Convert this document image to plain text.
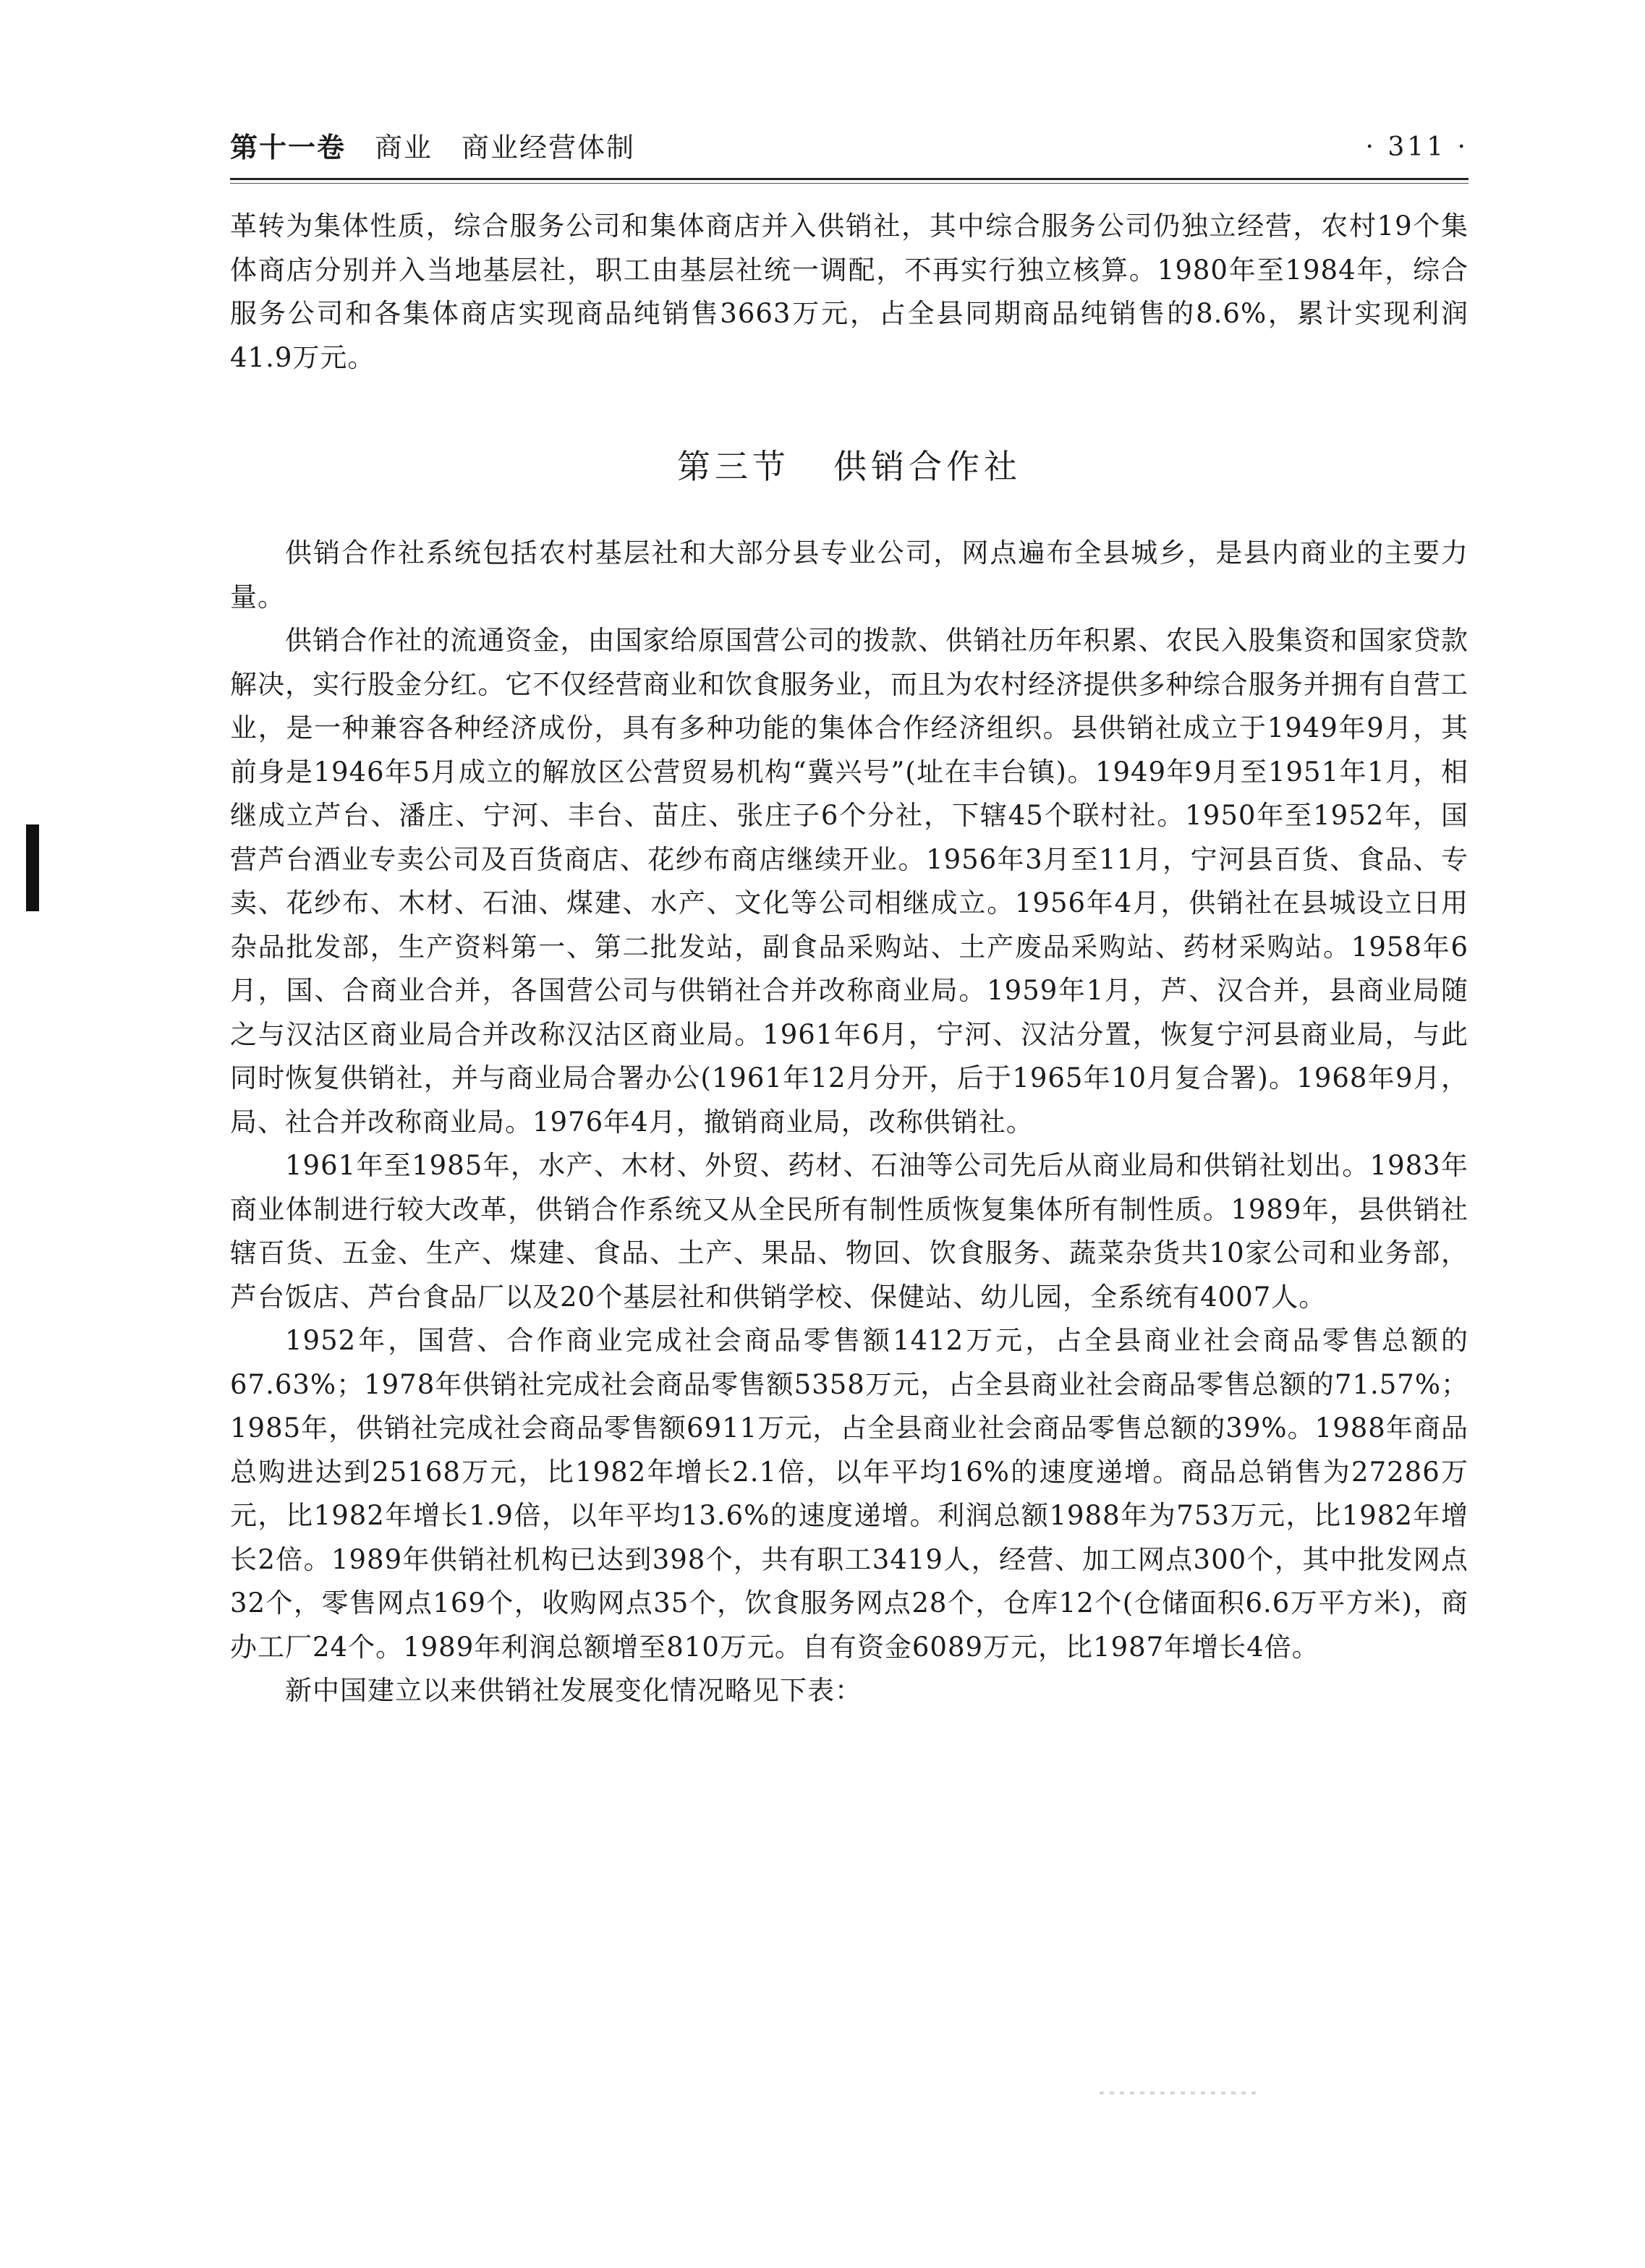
第十一卷 商业 商业经营体制	· 311 ·

革转为集体性质，综合服务公司和集体商店并入供销社，其中综合服务公司仍独立经营，农村19个集体商店分别并入当地基层社，职工由基层社统一调配，不再实行独立核算。1980年至1984年，综合服务公司和各集体商店实现商品纯销售3663万元，占全县同期商品纯销售的8.6%，累计实现利润41.9万元。

第三节 供销合作社

供销合作社系统包括农村基层社和大部分县专业公司，网点遍布全县城乡，是县内商业的主要力量。

供销合作社的流通资金，由国家给原国营公司的拨款、供销社历年积累、农民入股集资和国家贷款解决，实行股金分红。它不仅经营商业和饮食服务业，而且为农村经济提供多种综合服务并拥有自营工业，是一种兼容各种经济成份，具有多种功能的集体合作经济组织。县供销社成立于1949年9月，其前身是1946年5月成立的解放区公营贸易机构“冀兴号”(址在丰台镇)。1949年9月至1951年1月，相继成立芦台、潘庄、宁河、丰台、苗庄、张庄子6个分社，下辖45个联村社。1950年至1952年，国营芦台酒业专卖公司及百货商店、花纱布商店继续开业。1956年3月至11月，宁河县百货、食品、专卖、花纱布、木材、石油、煤建、水产、文化等公司相继成立。1956年4月，供销社在县城设立日用杂品批发部，生产资料第一、第二批发站，副食品采购站、土产废品采购站、药材采购站。1958年6月，国、合商业合并，各国营公司与供销社合并改称商业局。1959年1月，芦、汉合并，县商业局随之与汉沽区商业局合并改称汉沽区商业局。1961年6月，宁河、汉沽分置，恢复宁河县商业局，与此同时恢复供销社，并与商业局合署办公(1961年12月分开，后于1965年10月复合署)。1968年9月，局、社合并改称商业局。1976年4月，撤销商业局，改称供销社。

1961年至1985年，水产、木材、外贸、药材、石油等公司先后从商业局和供销社划出。1983年商业体制进行较大改革，供销合作系统又从全民所有制性质恢复集体所有制性质。1989年，县供销社辖百货、五金、生产、煤建、食品、土产、果品、物回、饮食服务、蔬菜杂货共10家公司和业务部，芦台饭店、芦台食品厂以及20个基层社和供销学校、保健站、幼儿园，全系统有4007人。

1952年，国营、合作商业完成社会商品零售额1412万元，占全县商业社会商品零售总额的67.63%；1978年供销社完成社会商品零售额5358万元，占全县商业社会商品零售总额的71.57%；1985年，供销社完成社会商品零售额6911万元，占全县商业社会商品零售总额的39%。1988年商品总购进达到25168万元，比1982年增长2.1倍，以年平均16%的速度递增。商品总销售为27286万元，比1982年增长1.9倍，以年平均13.6%的速度递增。利润总额1988年为753万元，比1982年增长2倍。1989年供销社机构已达到398个，共有职工3419人，经营、加工网点300个，其中批发网点32个，零售网点169个，收购网点35个，饮食服务网点28个，仓库12个(仓储面积6.6万平方米)，商办工厂24个。1989年利润总额增至810万元。自有资金6089万元，比1987年增长4倍。

新中国建立以来供销社发展变化情况略见下表：
